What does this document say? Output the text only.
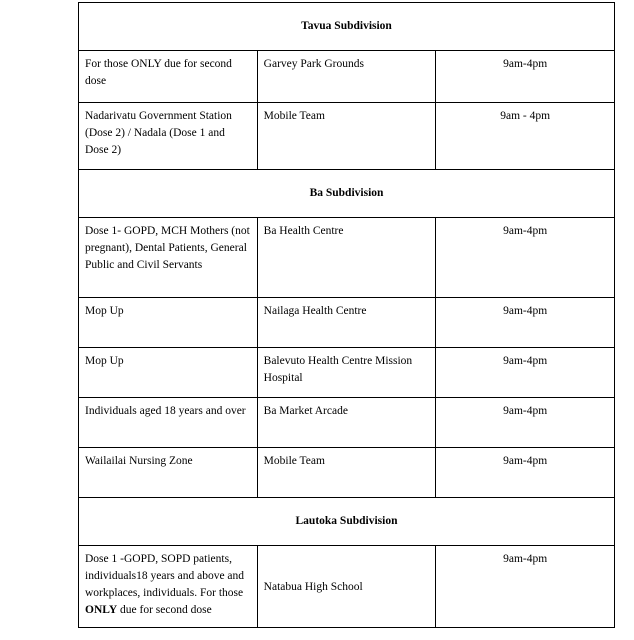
Tavua Subdivision		
For those ONLY due for second dose	Garvey Park Grounds	9am-4pm
Nadarivatu Government Station (Dose 2) / Nadala (Dose 1 and Dose 2)	Mobile Team	9am - 4pm
Ba Subdivision		
Dose 1- GOPD, MCH Mothers (not pregnant), Dental Patients, General Public and Civil Servants	Ba Health Centre	9am-4pm
Mop Up	Nailaga Health Centre	9am-4pm
Mop Up	Balevuto Health Centre Mission Hospital	9am-4pm
Individuals aged 18 years and over	Ba Market Arcade	9am-4pm
Wailailai Nursing Zone	Mobile Team	9am-4pm
Lautoka Subdivision		
Dose 1 -GOPD, SOPD patients, individuals18 years and above and workplaces, individuals. For those ONLY due for second dose	Natabua High School	9am-4pm
